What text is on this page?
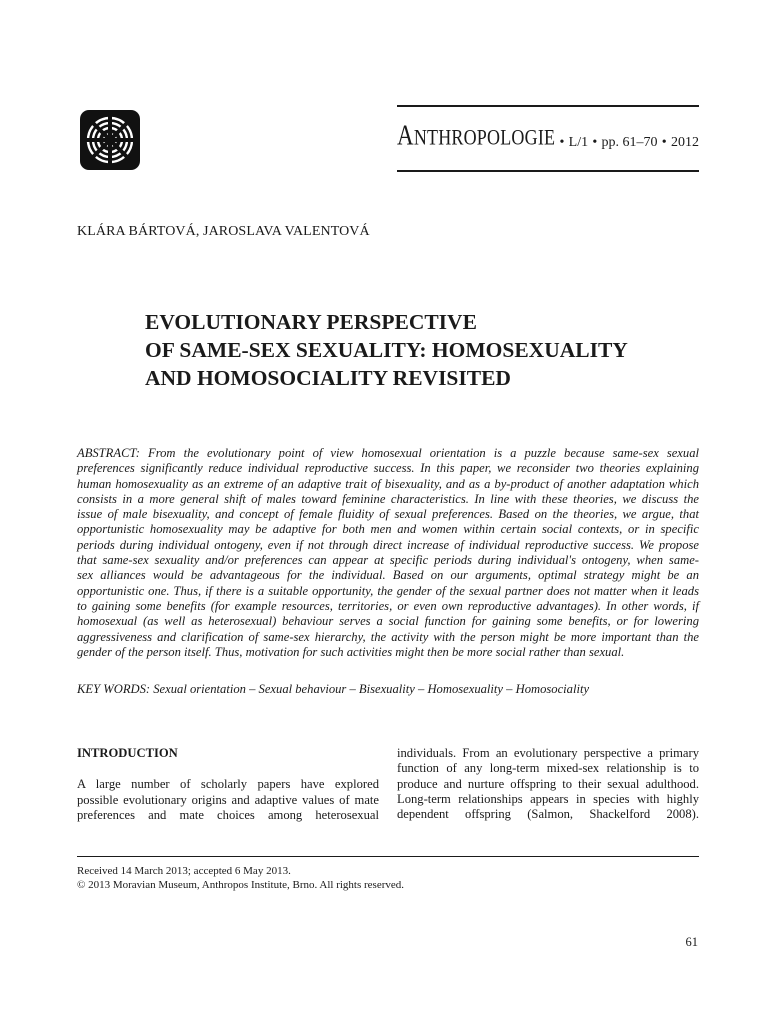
ANTHROPOLOGIE • L/1 • pp. 61–70 • 2012
KLÁRA BÁRTOVÁ, JAROSLAVA VALENTOVÁ
EVOLUTIONARY PERSPECTIVE
OF SAME-SEX SEXUALITY: HOMOSEXUALITY
AND HOMOSOCIALITY REVISITED
ABSTRACT: From the evolutionary point of view homosexual orientation is a puzzle because same-sex sexual
preferences significantly reduce individual reproductive success. In this paper, we reconsider two theories explaining
human homosexuality as an extreme of an adaptive trait of bisexuality, and as a by-product of another adaptation which
consists in a more general shift of males toward feminine characteristics. In line with these theories, we discuss the
issue of male bisexuality, and concept of female fluidity of sexual preferences. Based on the theories, we argue, that
opportunistic homosexuality may be adaptive for both men and women within certain social contexts, or in specific
periods during individual ontogeny, even if not through direct increase of individual reproductive success. We propose
that same-sex sexuality and/or preferences can appear at specific periods during individual's ontogeny, when same-
sex alliances would be advantageous for the individual. Based on our arguments, optimal strategy might be an
opportunistic one. Thus, if there is a suitable opportunity, the gender of the sexual partner does not matter when it leads
to gaining some benefits (for example resources, territories, or even own reproductive advantages). In other words, if
homosexual (as well as heterosexual) behaviour serves a social function for gaining some benefits, or for lowering
aggressiveness and clarification of same-sex hierarchy, the activity with the person might be more important than the
gender of the person itself. Thus, motivation for such activities might then be more social rather than sexual.
KEY WORDS: Sexual orientation – Sexual behaviour – Bisexuality – Homosexuality – Homosociality
INTRODUCTION
A large number of scholarly papers have explored
possible evolutionary origins and adaptive values of mate
preferences and mate choices among heterosexual
individuals. From an evolutionary perspective a primary
function of any long-term mixed-sex relationship is to
produce and nurture offspring to their sexual adulthood.
Long-term relationships appears in species with highly
dependent offspring (Salmon, Shackelford 2008).
Received 14 March 2013; accepted 6 May 2013.
© 2013 Moravian Museum, Anthropos Institute, Brno. All rights reserved.
61
